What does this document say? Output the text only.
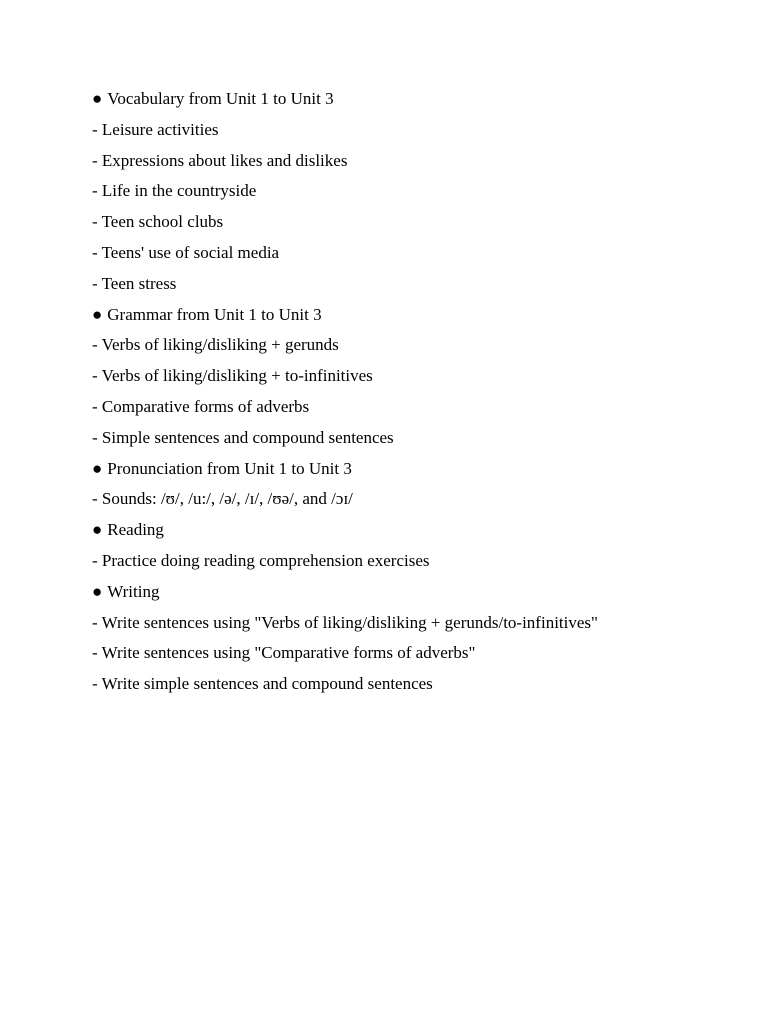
● Vocabulary from Unit 1 to Unit 3
- Leisure activities
- Expressions about likes and dislikes
- Life in the countryside
- Teen school clubs
- Teens' use of social media
- Teen stress
● Grammar from Unit 1 to Unit 3
- Verbs of liking/disliking + gerunds
- Verbs of liking/disliking + to-infinitives
- Comparative forms of adverbs
- Simple sentences and compound sentences
● Pronunciation from Unit 1 to Unit 3
- Sounds: /ʊ/, /u:/, /ə/, /ɪ/, /ʊə/, and /ɔɪ/
● Reading
- Practice doing reading comprehension exercises
● Writing
- Write sentences using "Verbs of liking/disliking + gerunds/to-infinitives"
- Write sentences using "Comparative forms of adverbs"
- Write simple sentences and compound sentences
